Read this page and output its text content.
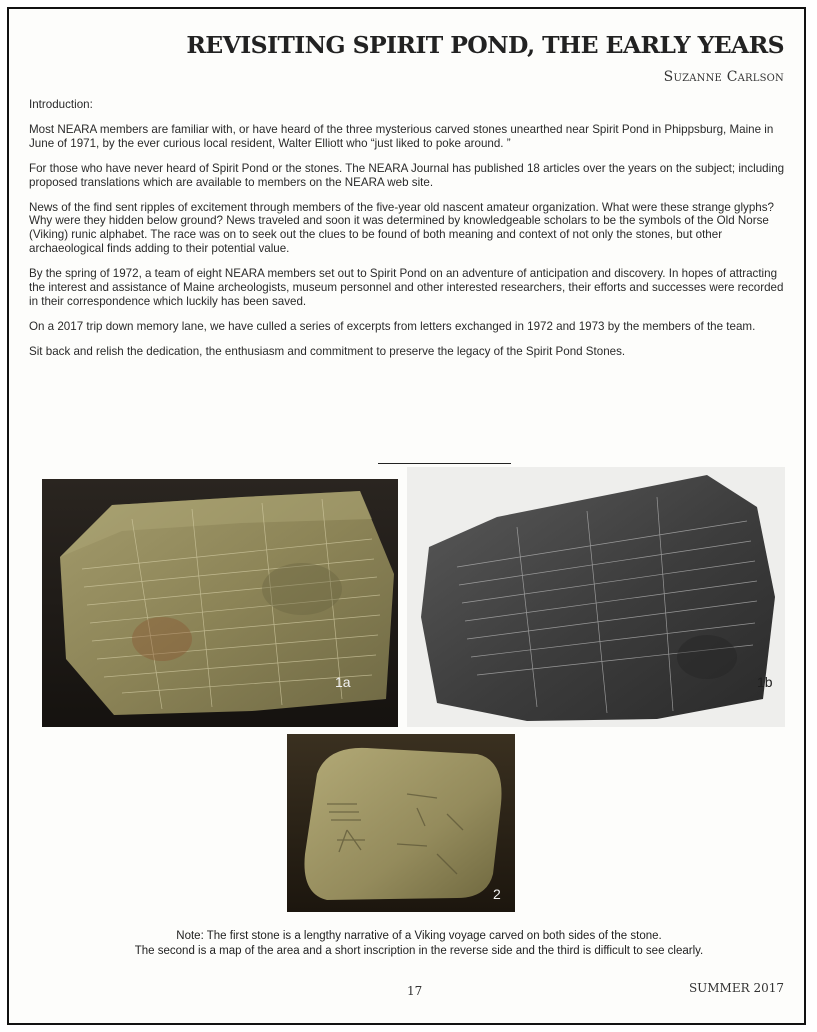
REVISITING SPIRIT POND, THE EARLY YEARS
Suzanne Carlson

Introduction:

Most NEARA members are familiar with, or have heard of the three mysterious carved stones unearthed near Spirit Pond in Phippsburg, Maine in June of 1971, by the ever curious local resident, Walter Elliott who “just liked to poke around. ”

For those who have never heard of Spirit Pond or the stones. The NEARA Journal has published 18 articles over the years on the subject; including proposed translations which are available to members on the NEARA web site.

News of the find sent ripples of excitement through members of the five-year old nascent amateur organization. What were these strange glyphs? Why were they hidden below ground? News traveled and soon it was determined by knowledgeable scholars to be the symbols of the Old Norse (Viking) runic alphabet. The race was on to seek out the clues to be found of both meaning and context of not only the stones, but other archaeological finds adding to their potential value.

By the spring of 1972, a team of eight NEARA members set out to Spirit Pond on an adventure of anticipation and discovery. In hopes of attracting the interest and assistance of Maine archeologists, museum personnel and other interested researchers, their efforts and successes were recorded in their correspondence which luckily has been saved.

On a 2017 trip down memory lane, we have culled a series of excerpts from letters exchanged in 1972 and 1973 by the members of the team.

Sit back and relish the dedication, the enthusiasm and commitment to preserve the legacy of the Spirit Pond Stones.

1a	1b
2
Note: The first stone is a lengthy narrative of a Viking voyage carved on both sides of the stone.
The second is a map of the area and a short inscription in the reverse side and the third is difficult to see clearly.
17	SUMMER 2017
